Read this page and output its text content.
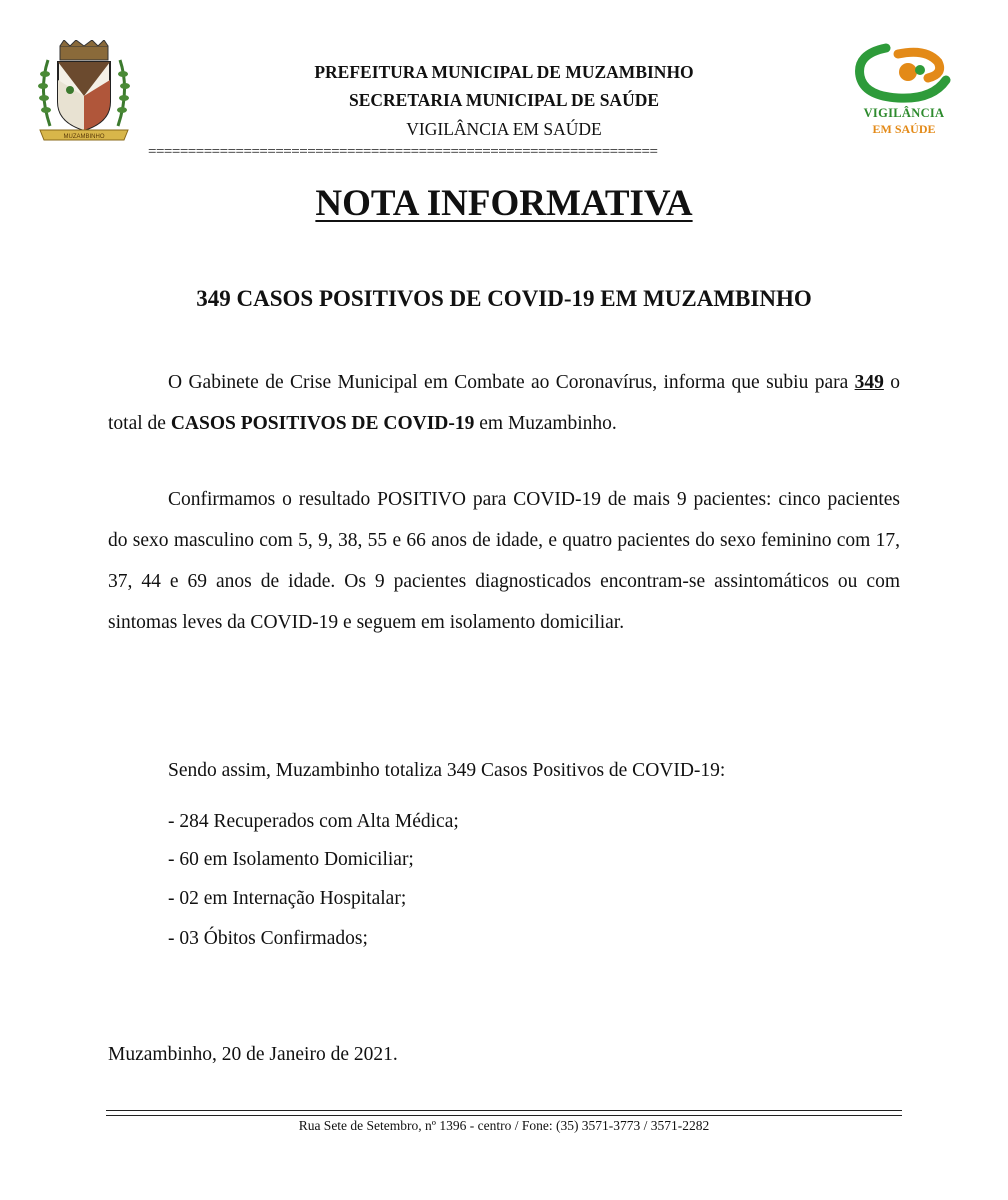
MUZAMBINHO
PREFEITURA MUNICIPAL DE MUZAMBINHO
SECRETARIA MUNICIPAL DE SAÚDE
VIGILÂNCIA EM SAÚDE
================================================================
VIGILÂNCIA
EM SAÚDE
NOTA INFORMATIVA
349 CASOS POSITIVOS DE COVID-19 EM MUZAMBINHO

O Gabinete de Crise Municipal em Combate ao Coronavírus, informa que subiu para 349 o total de CASOS POSITIVOS DE COVID-19 em Muzambinho.

Confirmamos o resultado POSITIVO para COVID-19 de mais 9 pacientes: cinco pacientes do sexo masculino com 5, 9, 38, 55 e 66 anos de idade, e quatro pacientes do sexo feminino com 17, 37, 44 e 69 anos de idade. Os 9 pacientes diagnosticados encontram-se assintomáticos ou com sintomas leves da COVID-19 e seguem em isolamento domiciliar.

Sendo assim, Muzambinho totaliza 349 Casos Positivos de COVID-19:
- 284 Recuperados com Alta Médica;
- 60 em Isolamento Domiciliar;
- 02 em Internação Hospitalar;
- 03 Óbitos Confirmados;
Muzambinho, 20 de Janeiro de 2021.
Rua Sete de Setembro, nº 1396 - centro / Fone: (35) 3571-3773 / 3571-2282
